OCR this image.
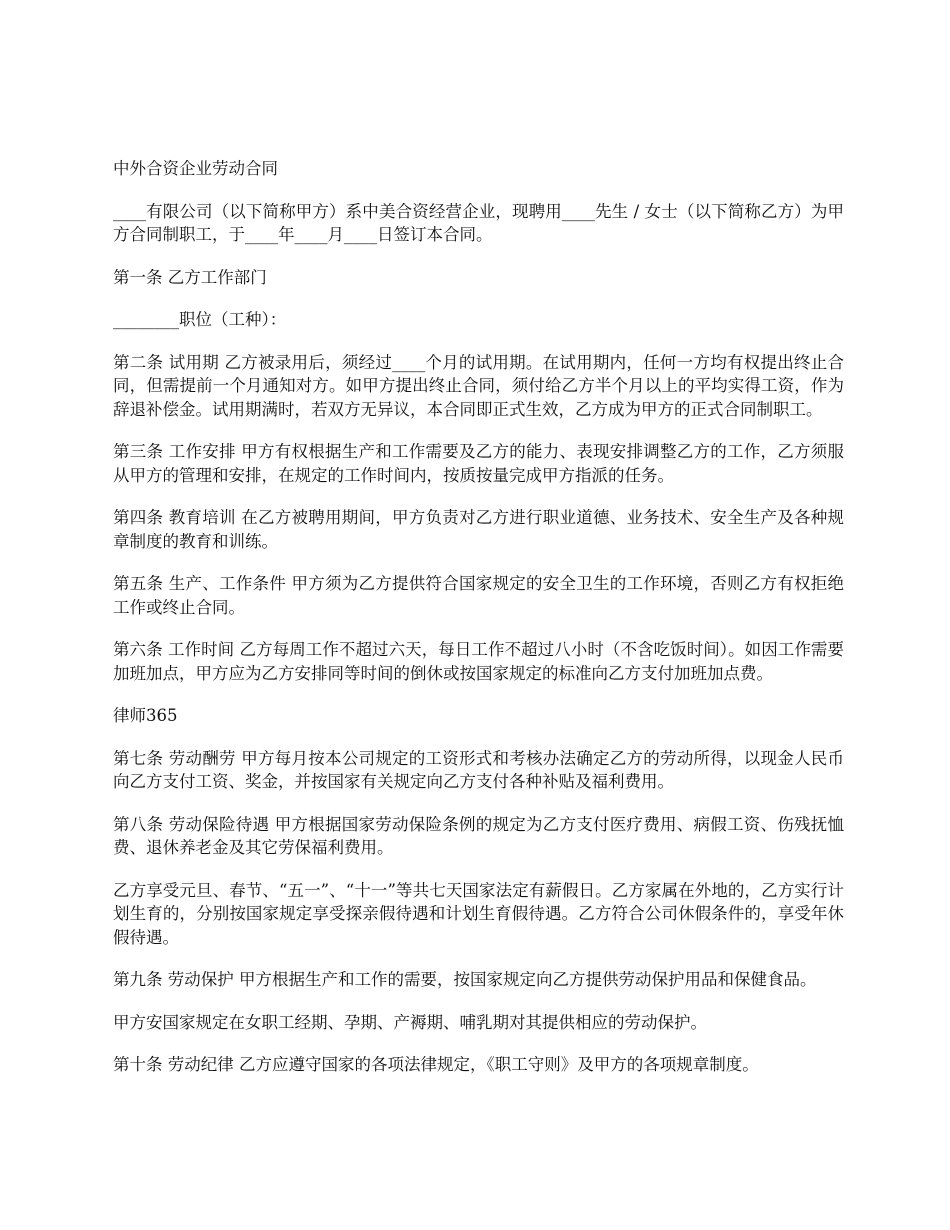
中外合资企业劳动合同

____有限公司（以下简称甲方）系中美合资经营企业，现聘用____先生 / 女士（以下简称乙方）为甲方合同制职工，于____年____月____日签订本合同。

第一条 乙方工作部门

________职位（工种）：

第二条 试用期 乙方被录用后，须经过____个月的试用期。在试用期内，任何一方均有权提出终止合同，但需提前一个月通知对方。如甲方提出终止合同，须付给乙方半个月以上的平均实得工资，作为辞退补偿金。试用期满时，若双方无异议，本合同即正式生效，乙方成为甲方的正式合同制职工。

第三条 工作安排 甲方有权根据生产和工作需要及乙方的能力、表现安排调整乙方的工作，乙方须服从甲方的管理和安排，在规定的工作时间内，按质按量完成甲方指派的任务。

第四条 教育培训 在乙方被聘用期间，甲方负责对乙方进行职业道德、业务技术、安全生产及各种规章制度的教育和训练。

第五条 生产、工作条件 甲方须为乙方提供符合国家规定的安全卫生的工作环境，否则乙方有权拒绝工作或终止合同。

第六条 工作时间 乙方每周工作不超过六天，每日工作不超过八小时（不含吃饭时间）。如因工作需要加班加点，甲方应为乙方安排同等时间的倒休或按国家规定的标准向乙方支付加班加点费。

律师365

第七条 劳动酬劳 甲方每月按本公司规定的工资形式和考核办法确定乙方的劳动所得，以现金人民币向乙方支付工资、奖金，并按国家有关规定向乙方支付各种补贴及福利费用。

第八条 劳动保险待遇 甲方根据国家劳动保险条例的规定为乙方支付医疗费用、病假工资、伤残抚恤费、退休养老金及其它劳保福利费用。

乙方享受元旦、春节、“五一”、“十一”等共七天国家法定有薪假日。乙方家属在外地的，乙方实行计划生育的，分别按国家规定享受探亲假待遇和计划生育假待遇。乙方符合公司休假条件的，享受年休假待遇。

第九条 劳动保护 甲方根据生产和工作的需要，按国家规定向乙方提供劳动保护用品和保健食品。

甲方安国家规定在女职工经期、孕期、产褥期、哺乳期对其提供相应的劳动保护。

第十条 劳动纪律 乙方应遵守国家的各项法律规定，《职工守则》及甲方的各项规章制度。
